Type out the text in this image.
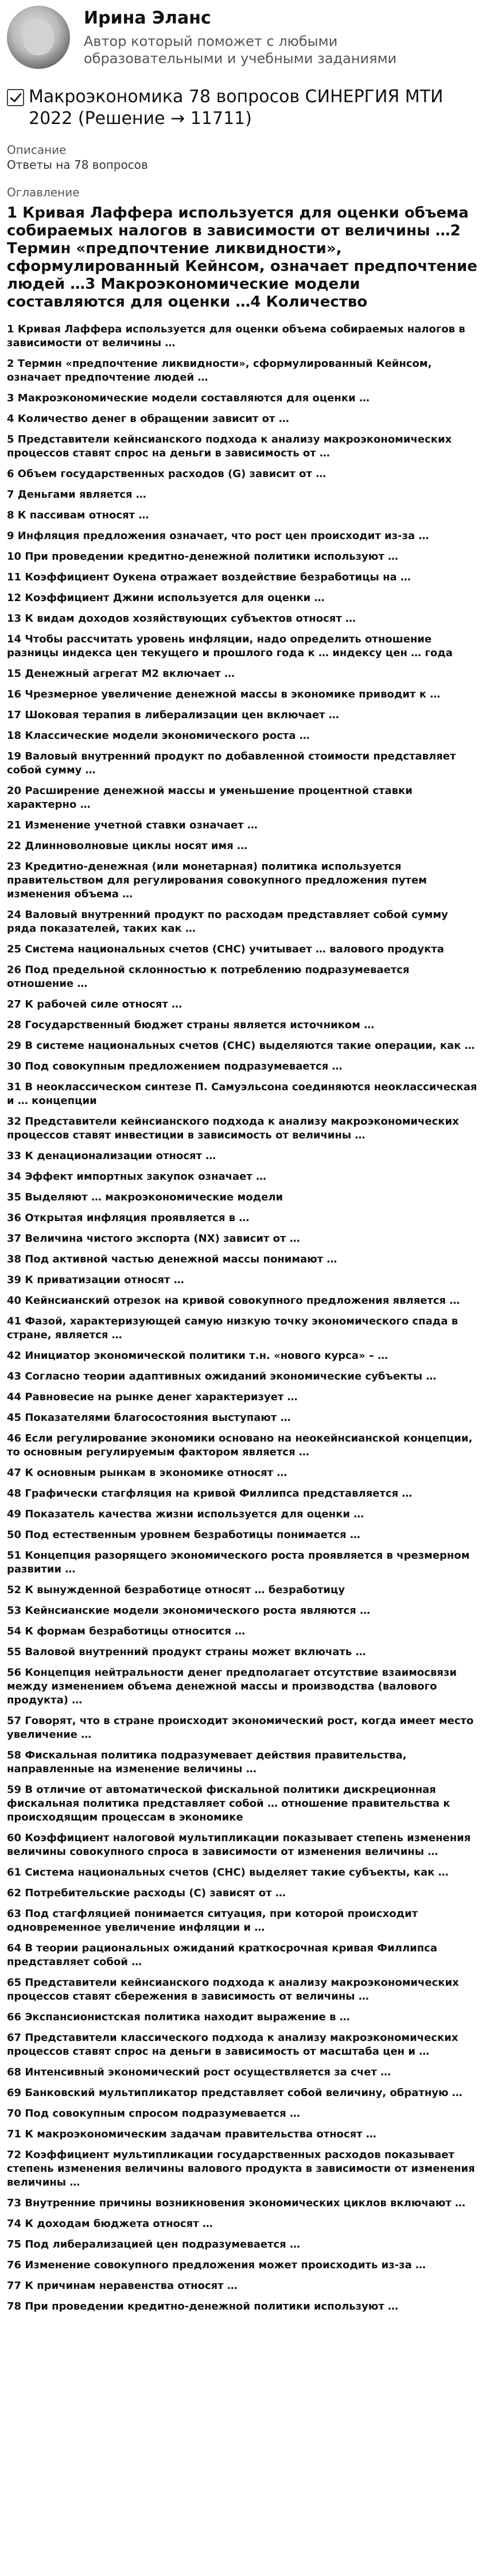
Ирина Эланс
Автор который поможет с любыми образовательными и учебными заданиями
Макроэкономика 78 вопросов СИНЕРГИЯ МТИ 2022 (Решение → 11711)
Описание
Ответы на 78 вопросов
Оглавление
1 Кривая Лаффера используется для оценки объема собираемых налогов в зависимости от величины …2 Термин «предпочтение ликвидности», сформулированный Кейнсом, означает предпочтение людей …3 Макроэкономические модели составляются для оценки …4 Количество
1 Кривая Лаффера используется для оценки объема собираемых налогов в зависимости от величины …
2 Термин «предпочтение ликвидности», сформулированный Кейнсом, означает предпочтение людей …
3 Макроэкономические модели составляются для оценки …
4 Количество денег в обращении зависит от …
5 Представители кейнсианского подхода к анализу макроэкономических процессов ставят спрос на деньги в зависимость от …
6 Объем государственных расходов (G) зависит от …
7 Деньгами является …
8 К пассивам относят …
9 Инфляция предложения означает, что рост цен происходит из-за …
10 При проведении кредитно-денежной политики используют …
11 Коэффициент Оукена отражает воздействие безработицы на …
12 Коэффициент Джини используется для оценки …
13 К видам доходов хозяйствующих субъектов относят …
14 Чтобы рассчитать уровень инфляции, надо определить отношение разницы индекса цен текущего и прошлого года к … индексу цен … года
15 Денежный агрегат М2 включает …
16 Чрезмерное увеличение денежной массы в экономике приводит к …
17 Шоковая терапия в либерализации цен включает …
18 Классические модели экономического роста …
19 Валовый внутренний продукт по добавленной стоимости представляет собой сумму …
20 Расширение денежной массы и уменьшение процентной ставки характерно …
21 Изменение учетной ставки означает …
22 Длинноволновые циклы носят имя …
23 Кредитно-денежная (или монетарная) политика используется правительством для регулирования совокупного предложения путем изменения объема …
24 Валовый внутренний продукт по расходам представляет собой сумму ряда показателей, таких как …
25 Система национальных счетов (СНС) учитывает … валового продукта
26 Под предельной склонностью к потреблению подразумевается отношение …
27 К рабочей силе относят …
28 Государственный бюджет страны является источником …
29 В системе национальных счетов (СНС) выделяются такие операции, как …
30 Под совокупным предложением подразумевается …
31 В неоклассическом синтезе П. Самуэльсона соединяются неоклассическая и … концепции
32 Представители кейнсианского подхода к анализу макроэкономических процессов ставят инвестиции в зависимость от величины …
33 К денационализации относят …
34 Эффект импортных закупок означает …
35 Выделяют … макроэкономические модели
36 Открытая инфляция проявляется в …
37 Величина чистого экспорта (NX) зависит от …
38 Под активной частью денежной массы понимают …
39 К приватизации относят …
40 Кейнсианский отрезок на кривой совокупного предложения является …
41 Фазой, характеризующей самую низкую точку экономического спада в стране, является …
42 Инициатор экономической политики т.н. «нового курса» – …
43 Согласно теории адаптивных ожиданий экономические субъекты …
44 Равновесие на рынке денег характеризует …
45 Показателями благосостояния выступают …
46 Если регулирование экономики основано на неокейнсианской концепции, то основным регулируемым фактором является …
47 К основным рынкам в экономике относят …
48 Графически стагфляция на кривой Филлипса представляется …
49 Показатель качества жизни используется для оценки …
50 Под естественным уровнем безработицы понимается …
51 Концепция разорящего экономического роста проявляется в чрезмерном развитии …
52 К вынужденной безработице относят … безработицу
53 Кейнсианские модели экономического роста являются …
54 К формам безработицы относится …
55 Валовой внутренний продукт страны может включать …
56 Концепция нейтральности денег предполагает отсутствие взаимосвязи между изменением объема денежной массы и производства (валового продукта) …
57 Говорят, что в стране происходит экономический рост, когда имеет место увеличение …
58 Фискальная политика подразумевает действия правительства, направленные на изменение величины …
59 В отличие от автоматической фискальной политики дискреционная фискальная политика представляет собой … отношение правительства к происходящим процессам в экономике
60 Коэффициент налоговой мультипликации показывает степень изменения величины совокупного спроса в зависимости от изменения величины …
61 Система национальных счетов (СНС) выделяет такие субъекты, как …
62 Потребительские расходы (С) зависят от …
63 Под стагфляцией понимается ситуация, при которой происходит одновременное увеличение инфляции и …
64 В теории рациональных ожиданий краткосрочная кривая Филлипса представляет собой …
65 Представители кейнсианского подхода к анализу макроэкономических процессов ставят сбережения в зависимость от величины …
66 Экспансионистская политика находит выражение в …
67 Представители классического подхода к анализу макроэкономических процессов ставят спрос на деньги в зависимость от масштаба цен и …
68 Интенсивный экономический рост осуществляется за счет …
69 Банковский мультипликатор представляет собой величину, обратную …
70 Под совокупным спросом подразумевается …
71 К макроэкономическим задачам правительства относят …
72 Коэффициент мультипликации государственных расходов показывает степень изменения величины валового продукта в зависимости от изменения величины …
73 Внутренние причины возникновения экономических циклов включают …
74 К доходам бюджета относят …
75 Под либерализацией цен подразумевается …
76 Изменение совокупного предложения может происходить из-за …
77 К причинам неравенства относят …
78 При проведении кредитно-денежной политики используют …
